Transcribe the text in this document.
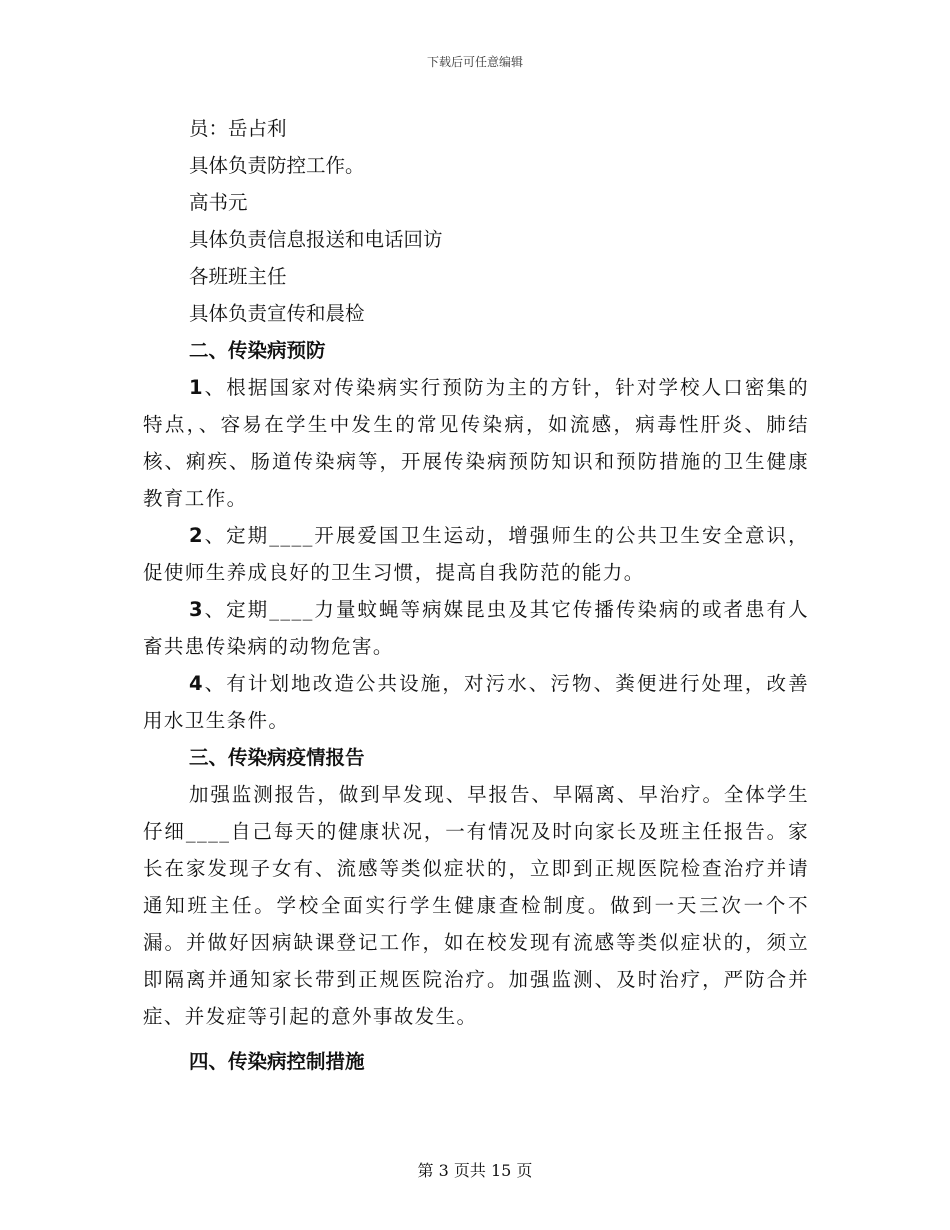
下载后可任意编辑
员：岳占利
具体负责防控工作。
高书元
具体负责信息报送和电话回访
各班班主任
具体负责宣传和晨检
二、传染病预防
1、根据国家对传染病实行预防为主的方针，针对学校人口密集的特点，、容易在学生中发生的常见传染病，如流感，病毒性肝炎、肺结核、痢疾、肠道传染病等，开展传染病预防知识和预防措施的卫生健康教育工作。
2、定期____开展爱国卫生运动，增强师生的公共卫生安全意识，促使师生养成良好的卫生习惯，提高自我防范的能力。
3、定期____力量蚊蝇等病媒昆虫及其它传播传染病的或者患有人畜共患传染病的动物危害。
4、有计划地改造公共设施，对污水、污物、粪便进行处理，改善用水卫生条件。
三、传染病疫情报告
加强监测报告，做到早发现、早报告、早隔离、早治疗。全体学生仔细____自己每天的健康状况，一有情况及时向家长及班主任报告。家长在家发现子女有、流感等类似症状的，立即到正规医院检查治疗并请通知班主任。学校全面实行学生健康查检制度。做到一天三次一个不漏。并做好因病缺课登记工作，如在校发现有流感等类似症状的，须立即隔离并通知家长带到正规医院治疗。加强监测、及时治疗，严防合并症、并发症等引起的意外事故发生。
四、传染病控制措施
第 3 页共 15 页
